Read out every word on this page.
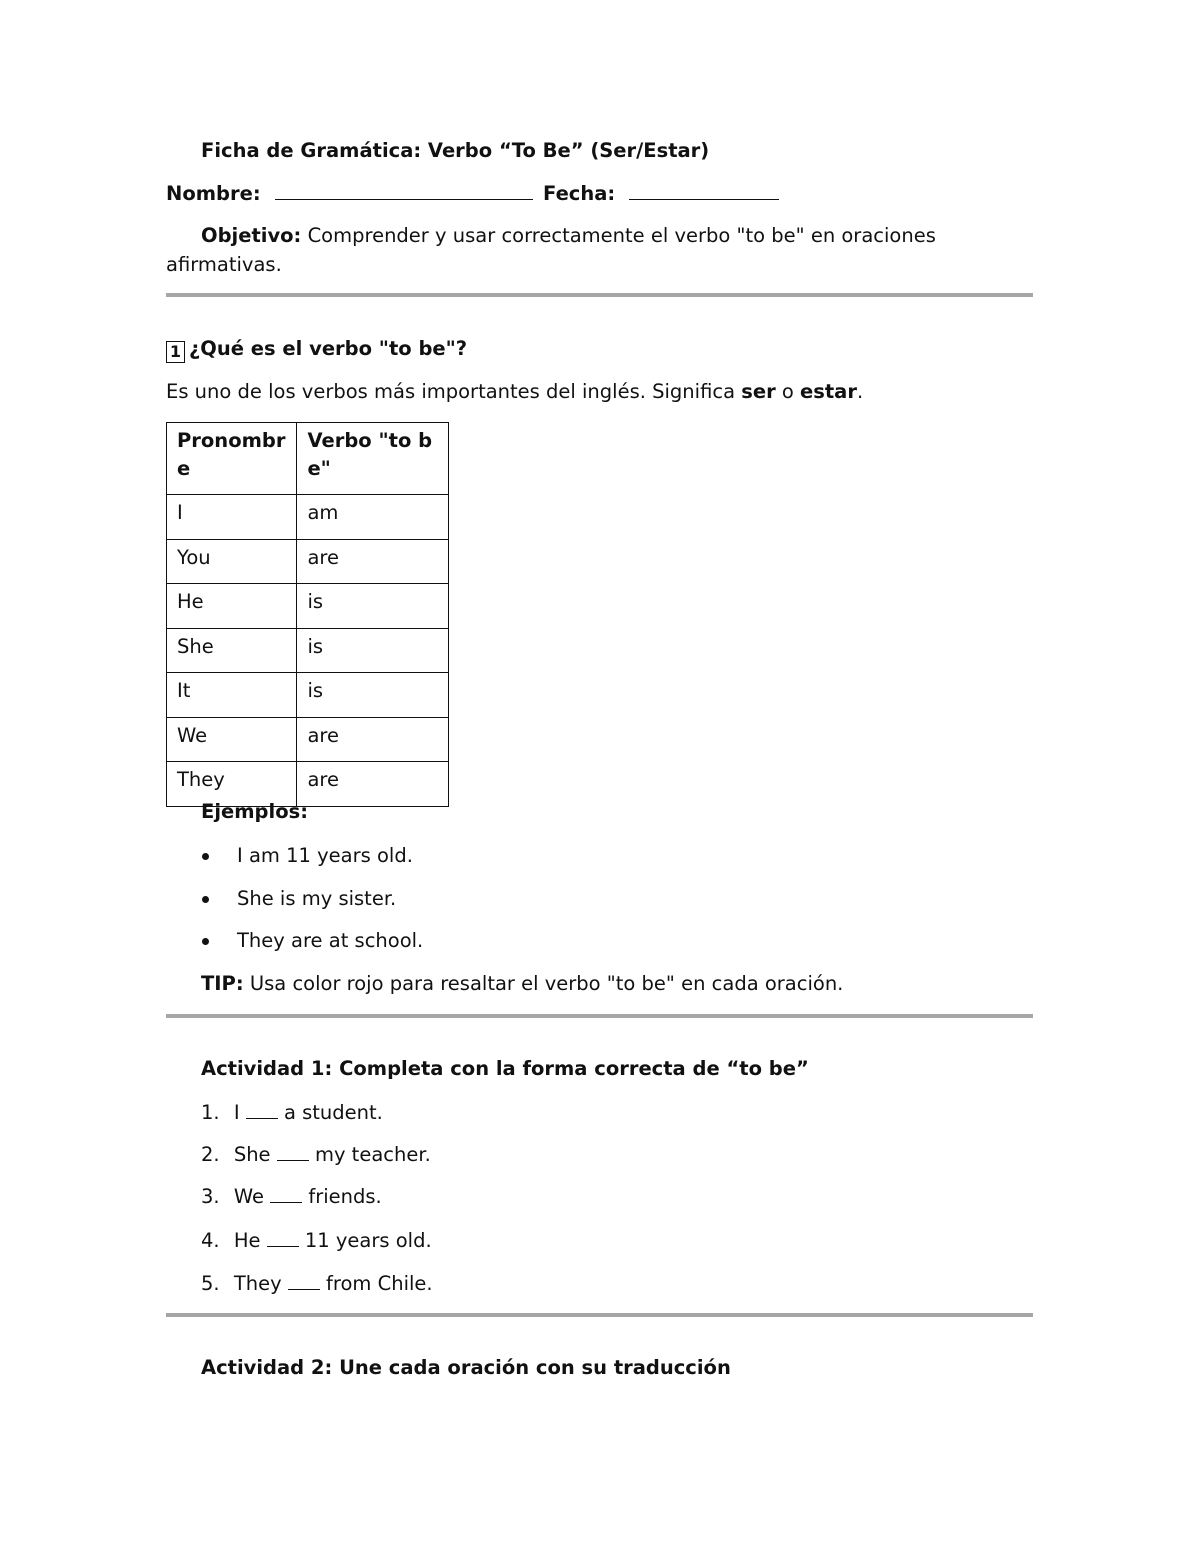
Ficha de Gramática: Verbo “To Be” (Ser/Estar)
Nombre:	Fecha:
Objetivo: Comprender y usar correctamente el verbo "to be" en oraciones
afirmativas.
1 ¿Qué es el verbo "to be"?
Es uno de los verbos más importantes del inglés. Significa ser o estar.
Pronombre	Verbo "to be"
I	am
You	are
He	is
She	is
It	is
We	are
They	are
Ejemplos:
I am 11 years old.
She is my sister.
They are at school.
TIP: Usa color rojo para resaltar el verbo "to be" en cada oración.
Actividad 1: Completa con la forma correcta de “to be”
1. I  a student.
2. She  my teacher.
3. We  friends.
4. He  11 years old.
5. They  from Chile.
Actividad 2: Une cada oración con su traducción
